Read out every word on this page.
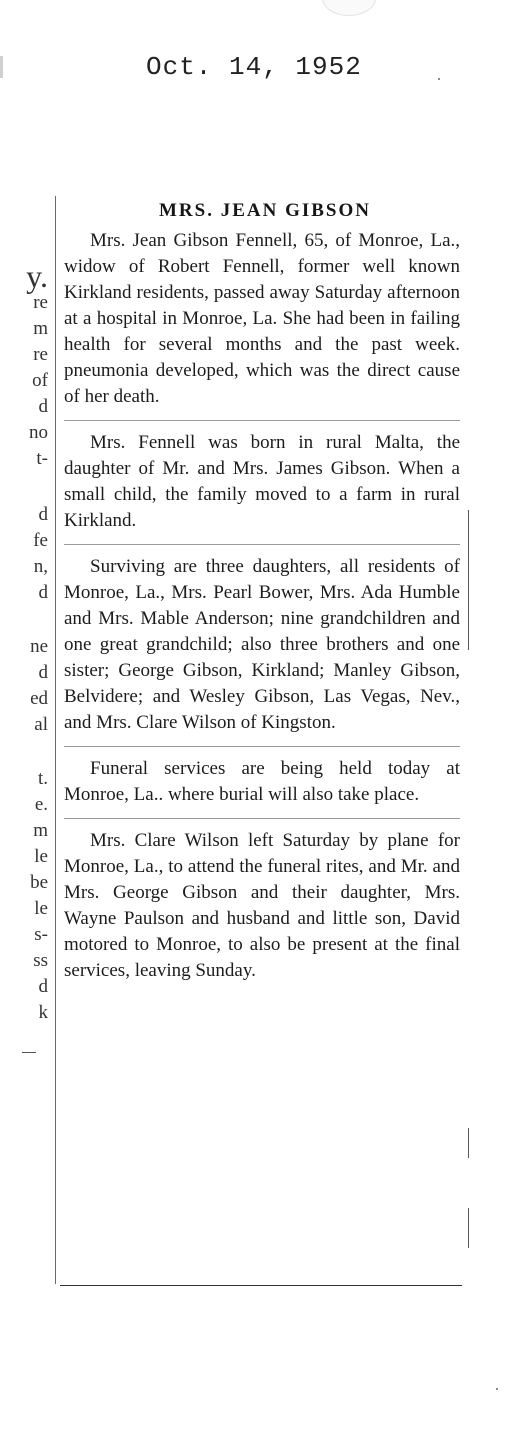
Oct. 14, 1952
y.
re
m
re
of
d
no
t-
d
fe
n,
d
ne
d
ed
al
t.
e.
m
le
be
le
s-
ss
d
k
MRS. JEAN GIBSON

Mrs. Jean Gibson Fennell, 65, of Monroe, La., widow of Robert Fennell, former well known Kirkland residents, passed away Saturday afternoon at a hospital in Monroe, La. She had been in failing health for several months and the past week. pneumonia developed, which was the direct cause of her death.

Mrs. Fennell was born in rural Malta, the daughter of Mr. and Mrs. James Gibson. When a small child, the family moved to a farm in rural Kirkland.

Surviving are three daughters, all residents of Monroe, La., Mrs. Pearl Bower, Mrs. Ada Humble and Mrs. Mable Anderson; nine grandchildren and one great grandchild; also three brothers and one sister; George Gibson, Kirkland; Manley Gibson, Belvidere; and Wesley Gibson, Las Vegas, Nev., and Mrs. Clare Wilson of Kingston.

Funeral services are being held today at Monroe, La.. where burial will also take place.

Mrs. Clare Wilson left Saturday by plane for Monroe, La., to attend the funeral rites, and Mr. and Mrs. George Gibson and their daughter, Mrs. Wayne Paulson and husband and little son, David motored to Monroe, to also be present at the final services, leaving Sunday.
